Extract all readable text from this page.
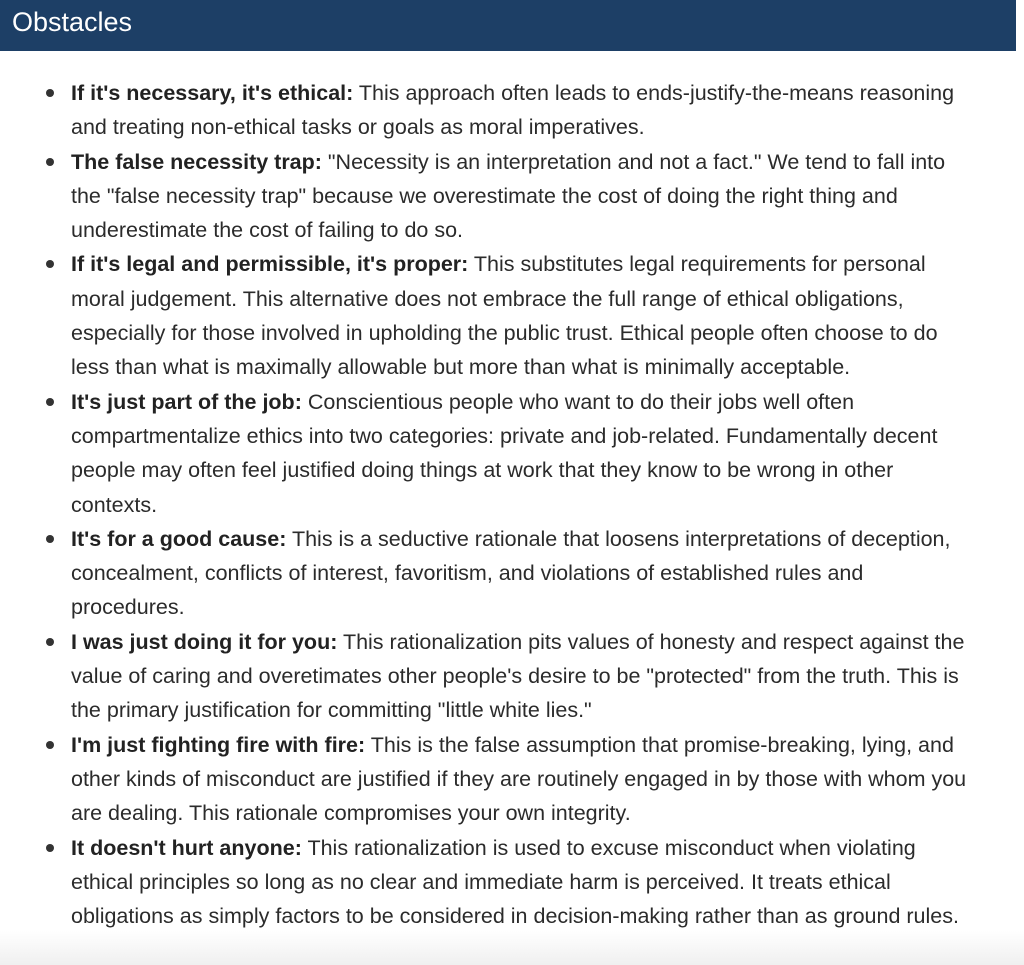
Obstacles
If it's necessary, it's ethical: This approach often leads to ends-justify-the-means reasoning and treating non-ethical tasks or goals as moral imperatives.
The false necessity trap: "Necessity is an interpretation and not a fact." We tend to fall into the "false necessity trap" because we overestimate the cost of doing the right thing and underestimate the cost of failing to do so.
If it's legal and permissible, it's proper: This substitutes legal requirements for personal moral judgement. This alternative does not embrace the full range of ethical obligations, especially for those involved in upholding the public trust. Ethical people often choose to do less than what is maximally allowable but more than what is minimally acceptable.
It's just part of the job: Conscientious people who want to do their jobs well often compartmentalize ethics into two categories: private and job-related. Fundamentally decent people may often feel justified doing things at work that they know to be wrong in other contexts.
It's for a good cause: This is a seductive rationale that loosens interpretations of deception, concealment, conflicts of interest, favoritism, and violations of established rules and procedures.
I was just doing it for you: This rationalization pits values of honesty and respect against the value of caring and overetimates other people's desire to be "protected" from the truth. This is the primary justification for committing "little white lies."
I'm just fighting fire with fire: This is the false assumption that promise-breaking, lying, and other kinds of misconduct are justified if they are routinely engaged in by those with whom you are dealing. This rationale compromises your own integrity.
It doesn't hurt anyone: This rationalization is used to excuse misconduct when violating ethical principles so long as no clear and immediate harm is perceived. It treats ethical obligations as simply factors to be considered in decision-making rather than as ground rules.
